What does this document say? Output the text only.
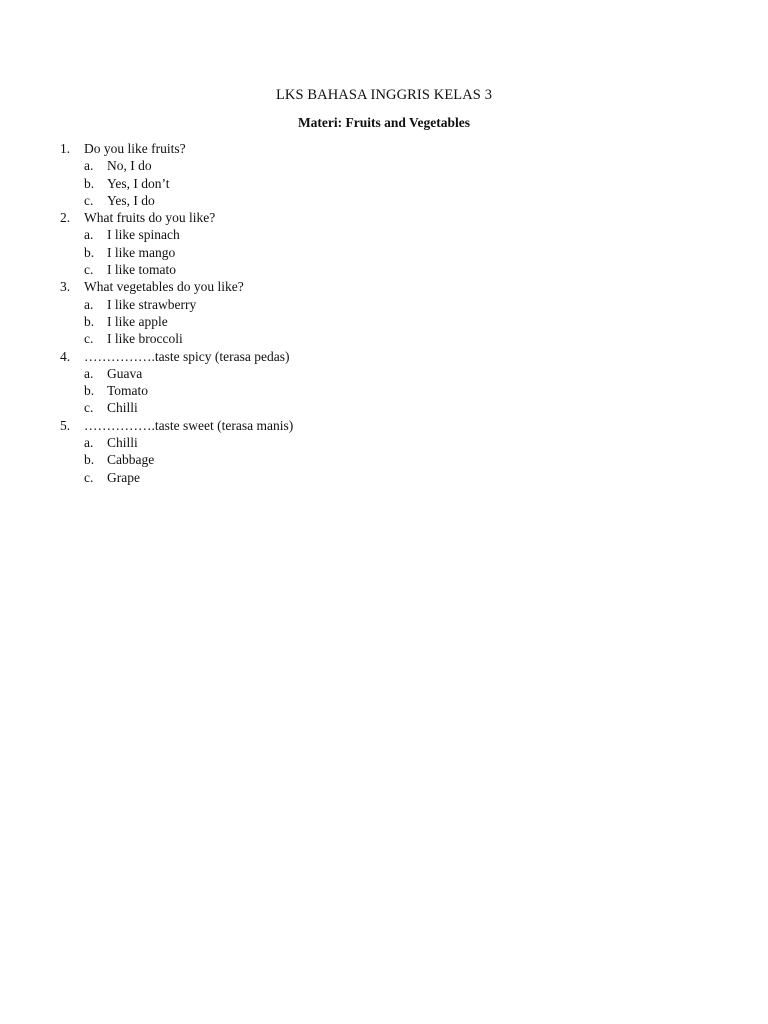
LKS BAHASA INGGRIS KELAS 3
Materi: Fruits and Vegetables
1.	Do you like fruits?
a.	No, I do
b. Yes, I don’t
c.	Yes, I do
2.	What fruits do you like?
a.	I like spinach
b. I like mango
c.	I like tomato
3.	What vegetables do you like?
a.	I like strawberry
b. I like apple
c.	I like broccoli
4.	…………….taste spicy (terasa pedas)
a.	Guava
b. Tomato
c.	Chilli
5.	…………….taste sweet (terasa manis)
a.	Chilli
b. Cabbage
c.	Grape
